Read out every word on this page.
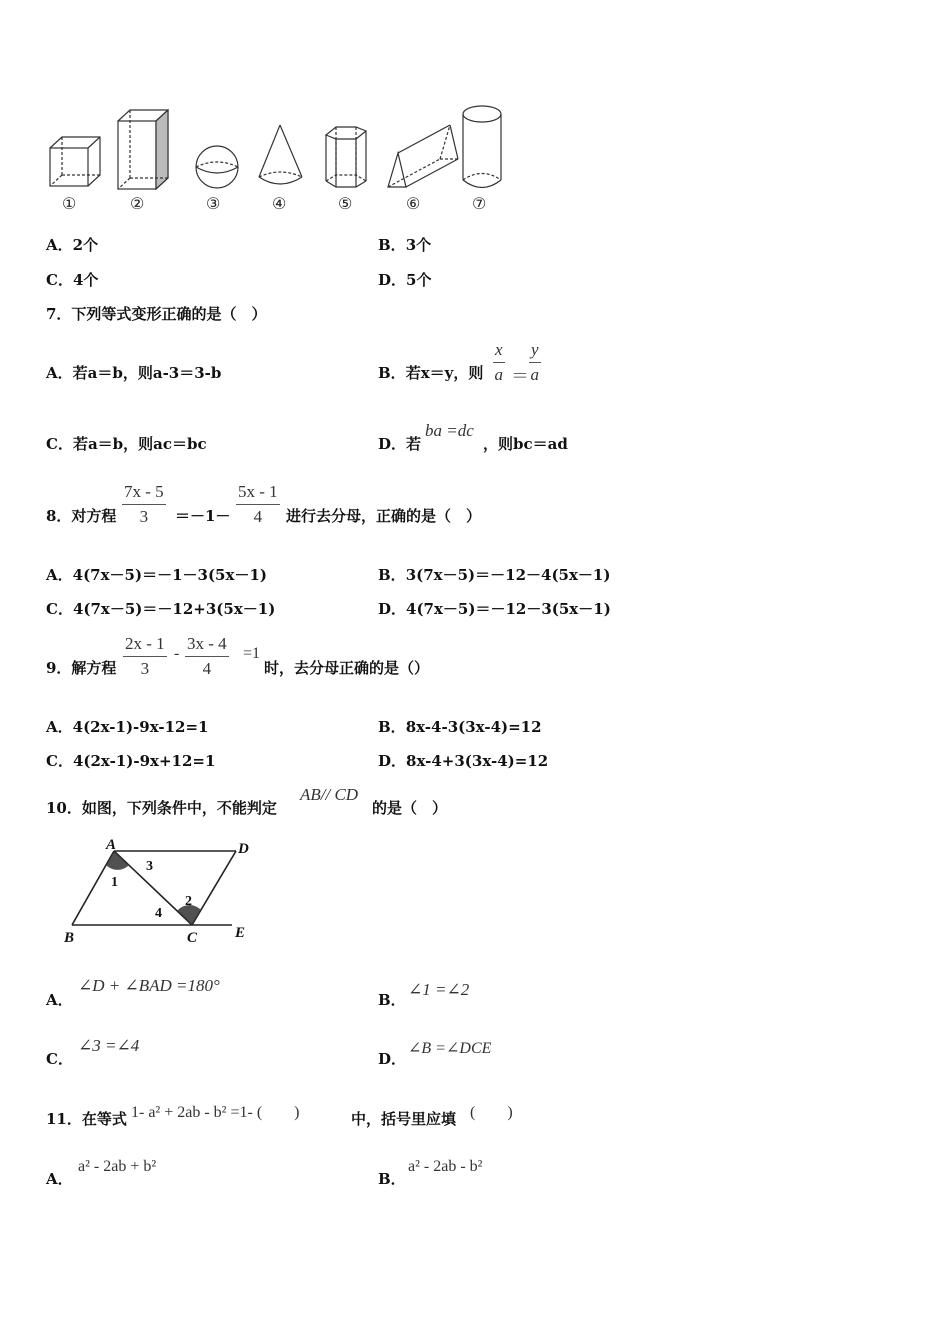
①	②	③	④	⑤	⑥	⑦
A．2个	B．3个
C．4个	D．5个
7．下列等式变形正确的是（　）
A．若a＝b，则a-3＝3-b	B．若x＝y，则
x
a ＝
y
a
C．若a＝b，则ac＝bc	D．若
ba =dc
，则bc＝ad
8．对方程
7x - 5
3	＝－1－
5x - 1
4	进行去分母，正确的是（　）
A．4(7x－5)＝－1－3(5x－1)	B．3(7x－5)＝－12－4(5x－1)
C．4(7x－5)＝－12+3(5x－1)	D．4(7x－5)＝－12－3(5x－1)
9．解方程
2x - 1
3
-
3x - 4
4
=1
时，去分母正确的是（）
A．4(2x-1)-9x-12=1	B．8x-4-3(3x-4)=12
C．4(2x-1)-9x+12=1	D．8x-4+3(3x-4)=12
10．如图，下列条件中，不能判定
AB// CD
的是（　）
A	D
B	C	E
1
3
4
2
A．
∠D + ∠BAD =180°
B．
∠1 =∠2
C．
∠3 =∠4
D．
∠B =∠DCE
11．在等式 1- a² + 2ab - b² =1- (　　)	中，括号里应填 (　　)
A．
a² - 2ab + b²
B．
a² - 2ab - b²
